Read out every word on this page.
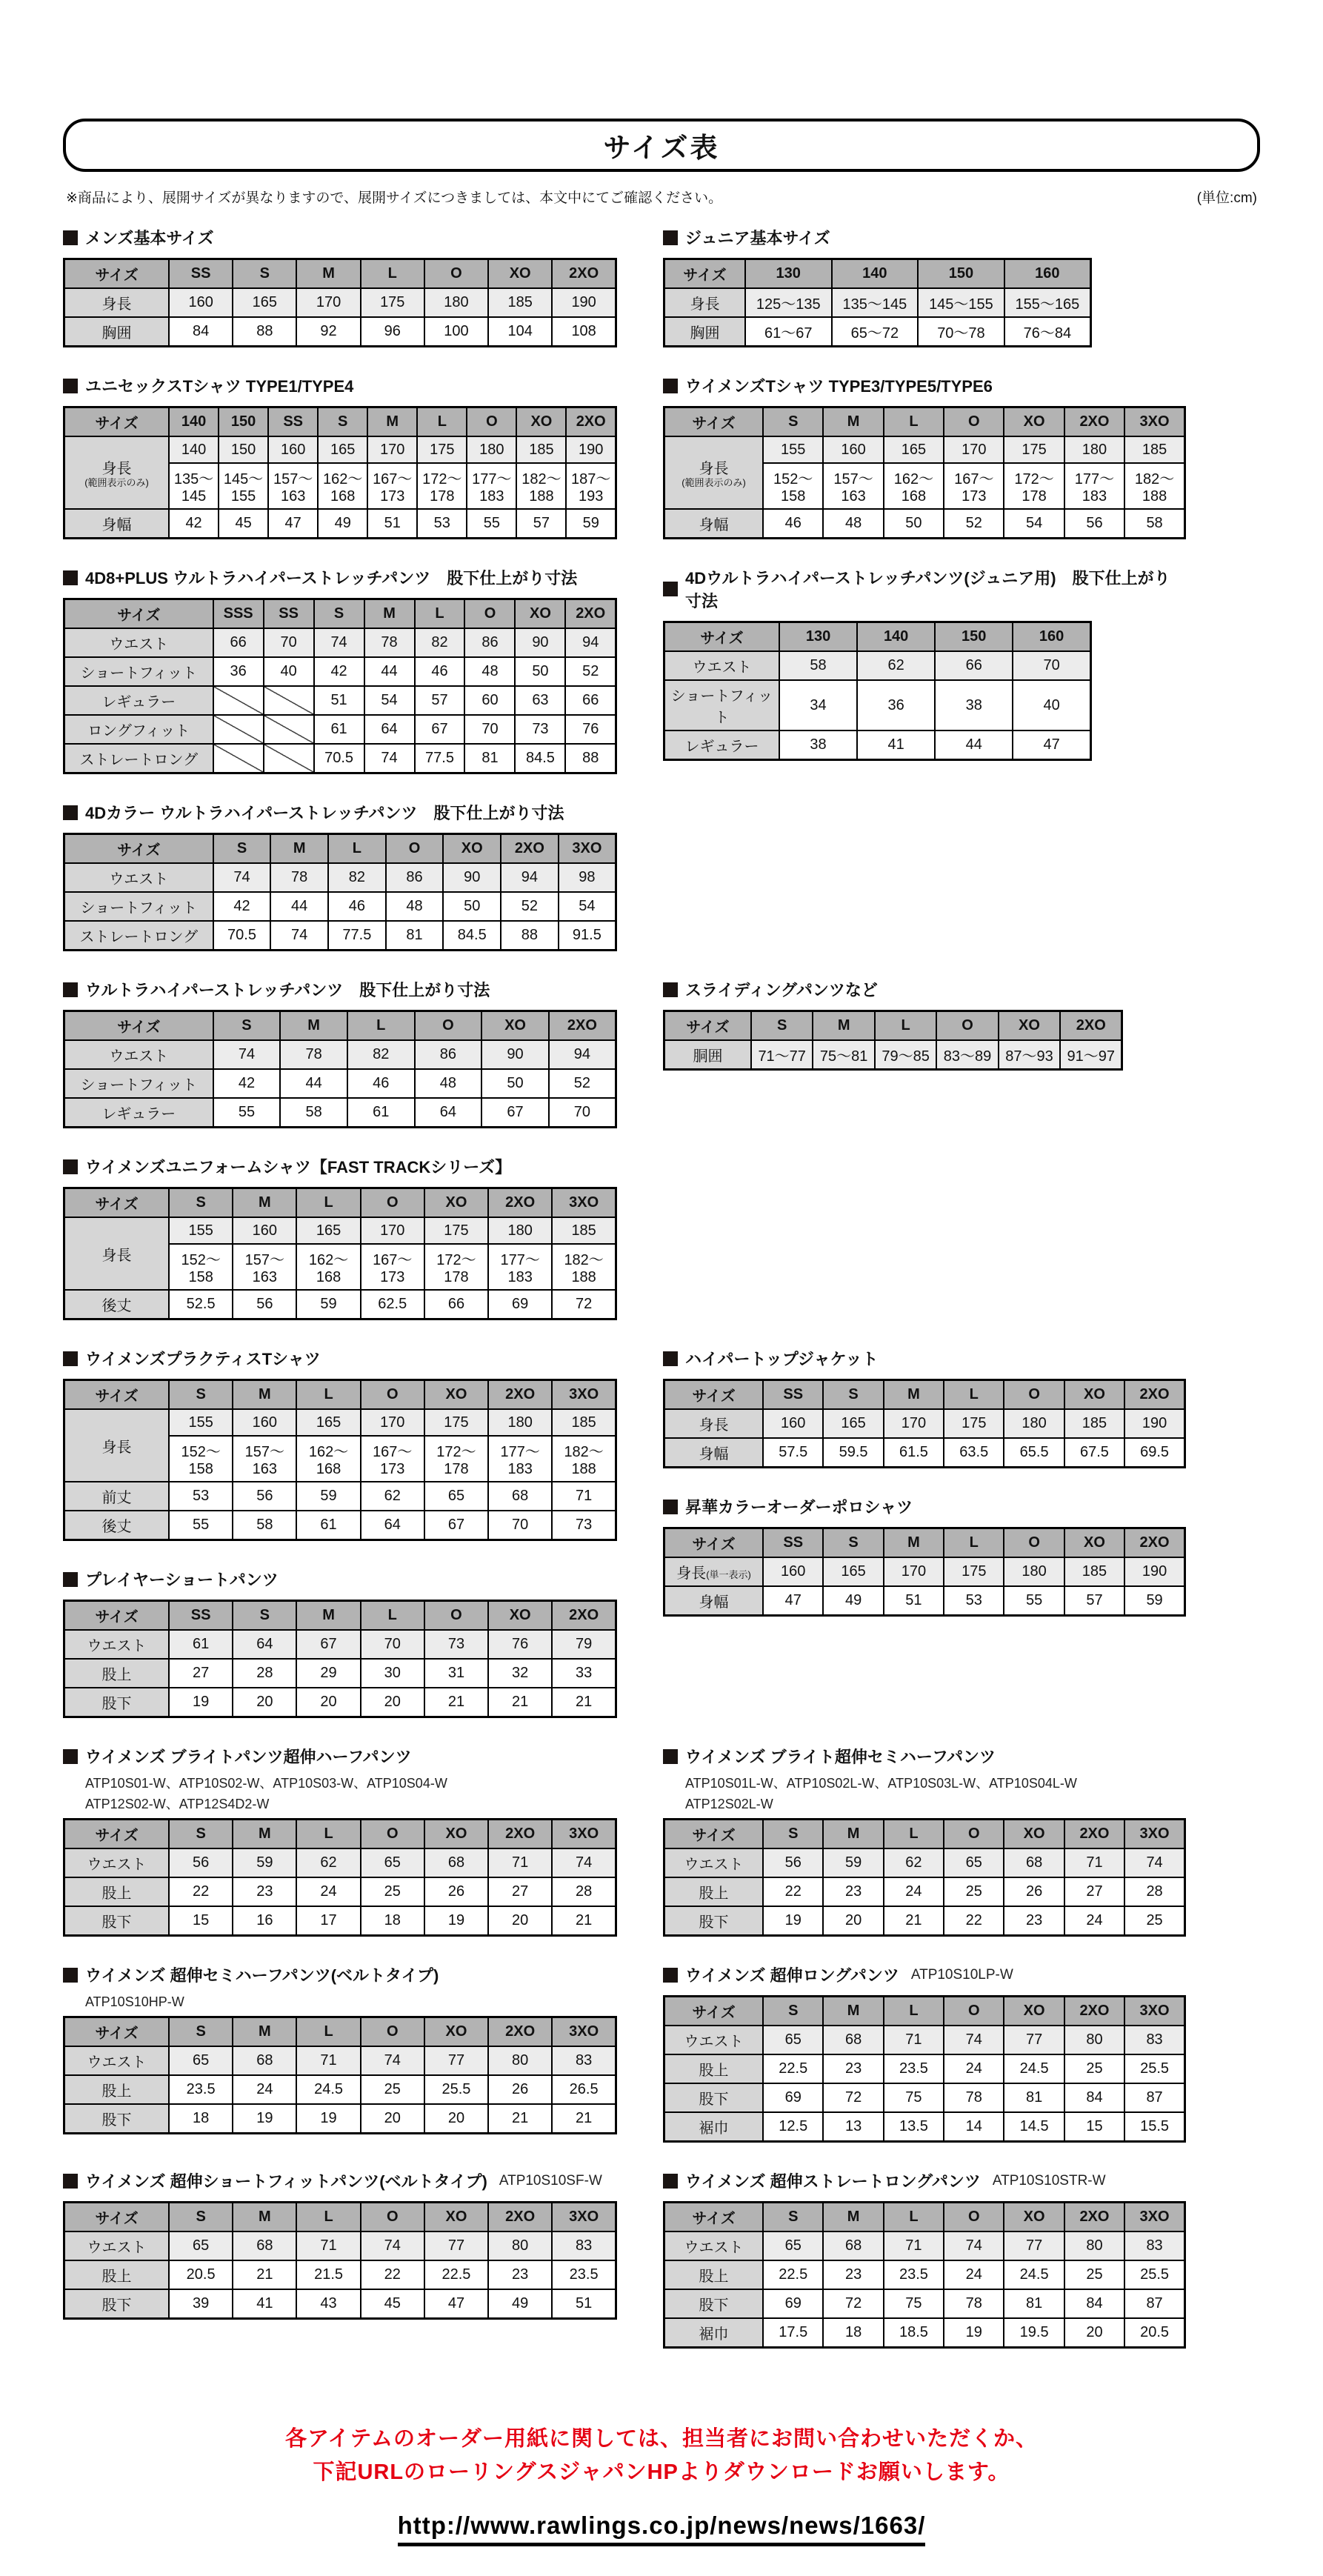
サイズ表
※商品により、展開サイズが異なりますので、展開サイズにつきましては、本文中にてご確認ください。	(単位:cm)
メンズ基本サイズ
サイズ	SS	S	M	L	O	XO	2XO

身長	160	165	170	175	180	185	190

胸囲	84	88	92	96	100	104	108
ジュニア基本サイズ
サイズ	130	140	150	160

身長	125〜135	135〜145	145〜155	155〜165

胸囲	61〜67	65〜72	70〜78	76〜84
ユニセックスTシャツ TYPE1/TYPE4
サイズ	140	150	SS	S	M	L	O	XO	2XO

身長
(範囲表示のみ)	140	150	160	165	170	175	180	185	190
	135〜145	145〜155	157〜163	162〜168	167〜173	172〜178	177〜183	182〜188	187〜193

身幅	42	45	47	49	51	53	55	57	59
ウイメンズTシャツ TYPE3/TYPE5/TYPE6
サイズ	S	M	L	O	XO	2XO	3XO

身長
(範囲表示のみ)	155	160	165	170	175	180	185
	152〜158	157〜163	162〜168	167〜173	172〜178	177〜183	182〜188

身幅	46	48	50	52	54	56	58
4D8+PLUS ウルトラハイパーストレッチパンツ　股下仕上がり寸法
サイズ	SSS	SS	S	M	L	O	XO	2XO

ウエスト	66	70	74	78	82	86	90	94

ショートフィット	36	40	42	44	46	48	50	52

レギュラー			51	54	57	60	63	66

ロングフィット			61	64	67	70	73	76

ストレートロング			70.5	74	77.5	81	84.5	88
4Dウルトラハイパーストレッチパンツ(ジュニア用)　股下仕上がり寸法
サイズ	130	140	150	160

ウエスト	58	62	66	70

ショートフィット	34	36	38	40

レギュラー	38	41	44	47
4Dカラー ウルトラハイパーストレッチパンツ　股下仕上がり寸法
サイズ	S	M	L	O	XO	2XO	3XO

ウエスト	74	78	82	86	90	94	98

ショートフィット	42	44	46	48	50	52	54

ストレートロング	70.5	74	77.5	81	84.5	88	91.5
ウルトラハイパーストレッチパンツ　股下仕上がり寸法
サイズ	S	M	L	O	XO	2XO

ウエスト	74	78	82	86	90	94

ショートフィット	42	44	46	48	50	52

レギュラー	55	58	61	64	67	70
スライディングパンツなど
サイズ	S	M	L	O	XO	2XO

胴囲	71〜77	75〜81	79〜85	83〜89	87〜93	91〜97
ウイメンズユニフォームシャツ【FAST TRACKシリーズ】
サイズ	S	M	L	O	XO	2XO	3XO

身長	155	160	165	170	175	180	185
	152〜158	157〜163	162〜168	167〜173	172〜178	177〜183	182〜188

後丈	52.5	56	59	62.5	66	69	72
ウイメンズプラクティスTシャツ
サイズ	S	M	L	O	XO	2XO	3XO

身長	155	160	165	170	175	180	185
	152〜158	157〜163	162〜168	167〜173	172〜178	177〜183	182〜188

前丈	53	56	59	62	65	68	71

後丈	55	58	61	64	67	70	73
プレイヤーショートパンツ
サイズ	SS	S	M	L	O	XO	2XO

ウエスト	61	64	67	70	73	76	79

股上	27	28	29	30	31	32	33

股下	19	20	20	20	21	21	21
ハイパートップジャケット
サイズ	SS	S	M	L	O	XO	2XO

身長	160	165	170	175	180	185	190

身幅	57.5	59.5	61.5	63.5	65.5	67.5	69.5
昇華カラーオーダーポロシャツ
サイズ	SS	S	M	L	O	XO	2XO

身長(単一表示)	160	165	170	175	180	185	190

身幅	47	49	51	53	55	57	59
ウイメンズ ブライトパンツ超伸ハーフパンツ
ATP10S01-W、ATP10S02-W、ATP10S03-W、ATP10S04-W
ATP12S02-W、ATP12S4D2-W
サイズ	S	M	L	O	XO	2XO	3XO

ウエスト	56	59	62	65	68	71	74

股上	22	23	24	25	26	27	28

股下	15	16	17	18	19	20	21
ウイメンズ ブライト超伸セミハーフパンツ
ATP10S01L-W、ATP10S02L-W、ATP10S03L-W、ATP10S04L-W
ATP12S02L-W
サイズ	S	M	L	O	XO	2XO	3XO

ウエスト	56	59	62	65	68	71	74

股上	22	23	24	25	26	27	28

股下	19	20	21	22	23	24	25
ウイメンズ 超伸セミハーフパンツ(ベルトタイプ)
ATP10S10HP-W
サイズ	S	M	L	O	XO	2XO	3XO

ウエスト	65	68	71	74	77	80	83

股上	23.5	24	24.5	25	25.5	26	26.5

股下	18	19	19	20	20	21	21
ウイメンズ 超伸ロングパンツ ATP10S10LP-W
サイズ	S	M	L	O	XO	2XO	3XO

ウエスト	65	68	71	74	77	80	83

股上	22.5	23	23.5	24	24.5	25	25.5

股下	69	72	75	78	81	84	87

裾巾	12.5	13	13.5	14	14.5	15	15.5
ウイメンズ 超伸ショートフィットパンツ(ベルトタイプ) ATP10S10SF-W
サイズ	S	M	L	O	XO	2XO	3XO

ウエスト	65	68	71	74	77	80	83

股上	20.5	21	21.5	22	22.5	23	23.5

股下	39	41	43	45	47	49	51
ウイメンズ 超伸ストレートロングパンツ ATP10S10STR-W
サイズ	S	M	L	O	XO	2XO	3XO

ウエスト	65	68	71	74	77	80	83

股上	22.5	23	23.5	24	24.5	25	25.5

股下	69	72	75	78	81	84	87

裾巾	17.5	18	18.5	19	19.5	20	20.5
各アイテムのオーダー用紙に関しては、担当者にお問い合わせいただくか、
下記URLのローリングスジャパンHPよりダウンロードお願いします。
http://www.rawlings.co.jp/news/news/1663/
